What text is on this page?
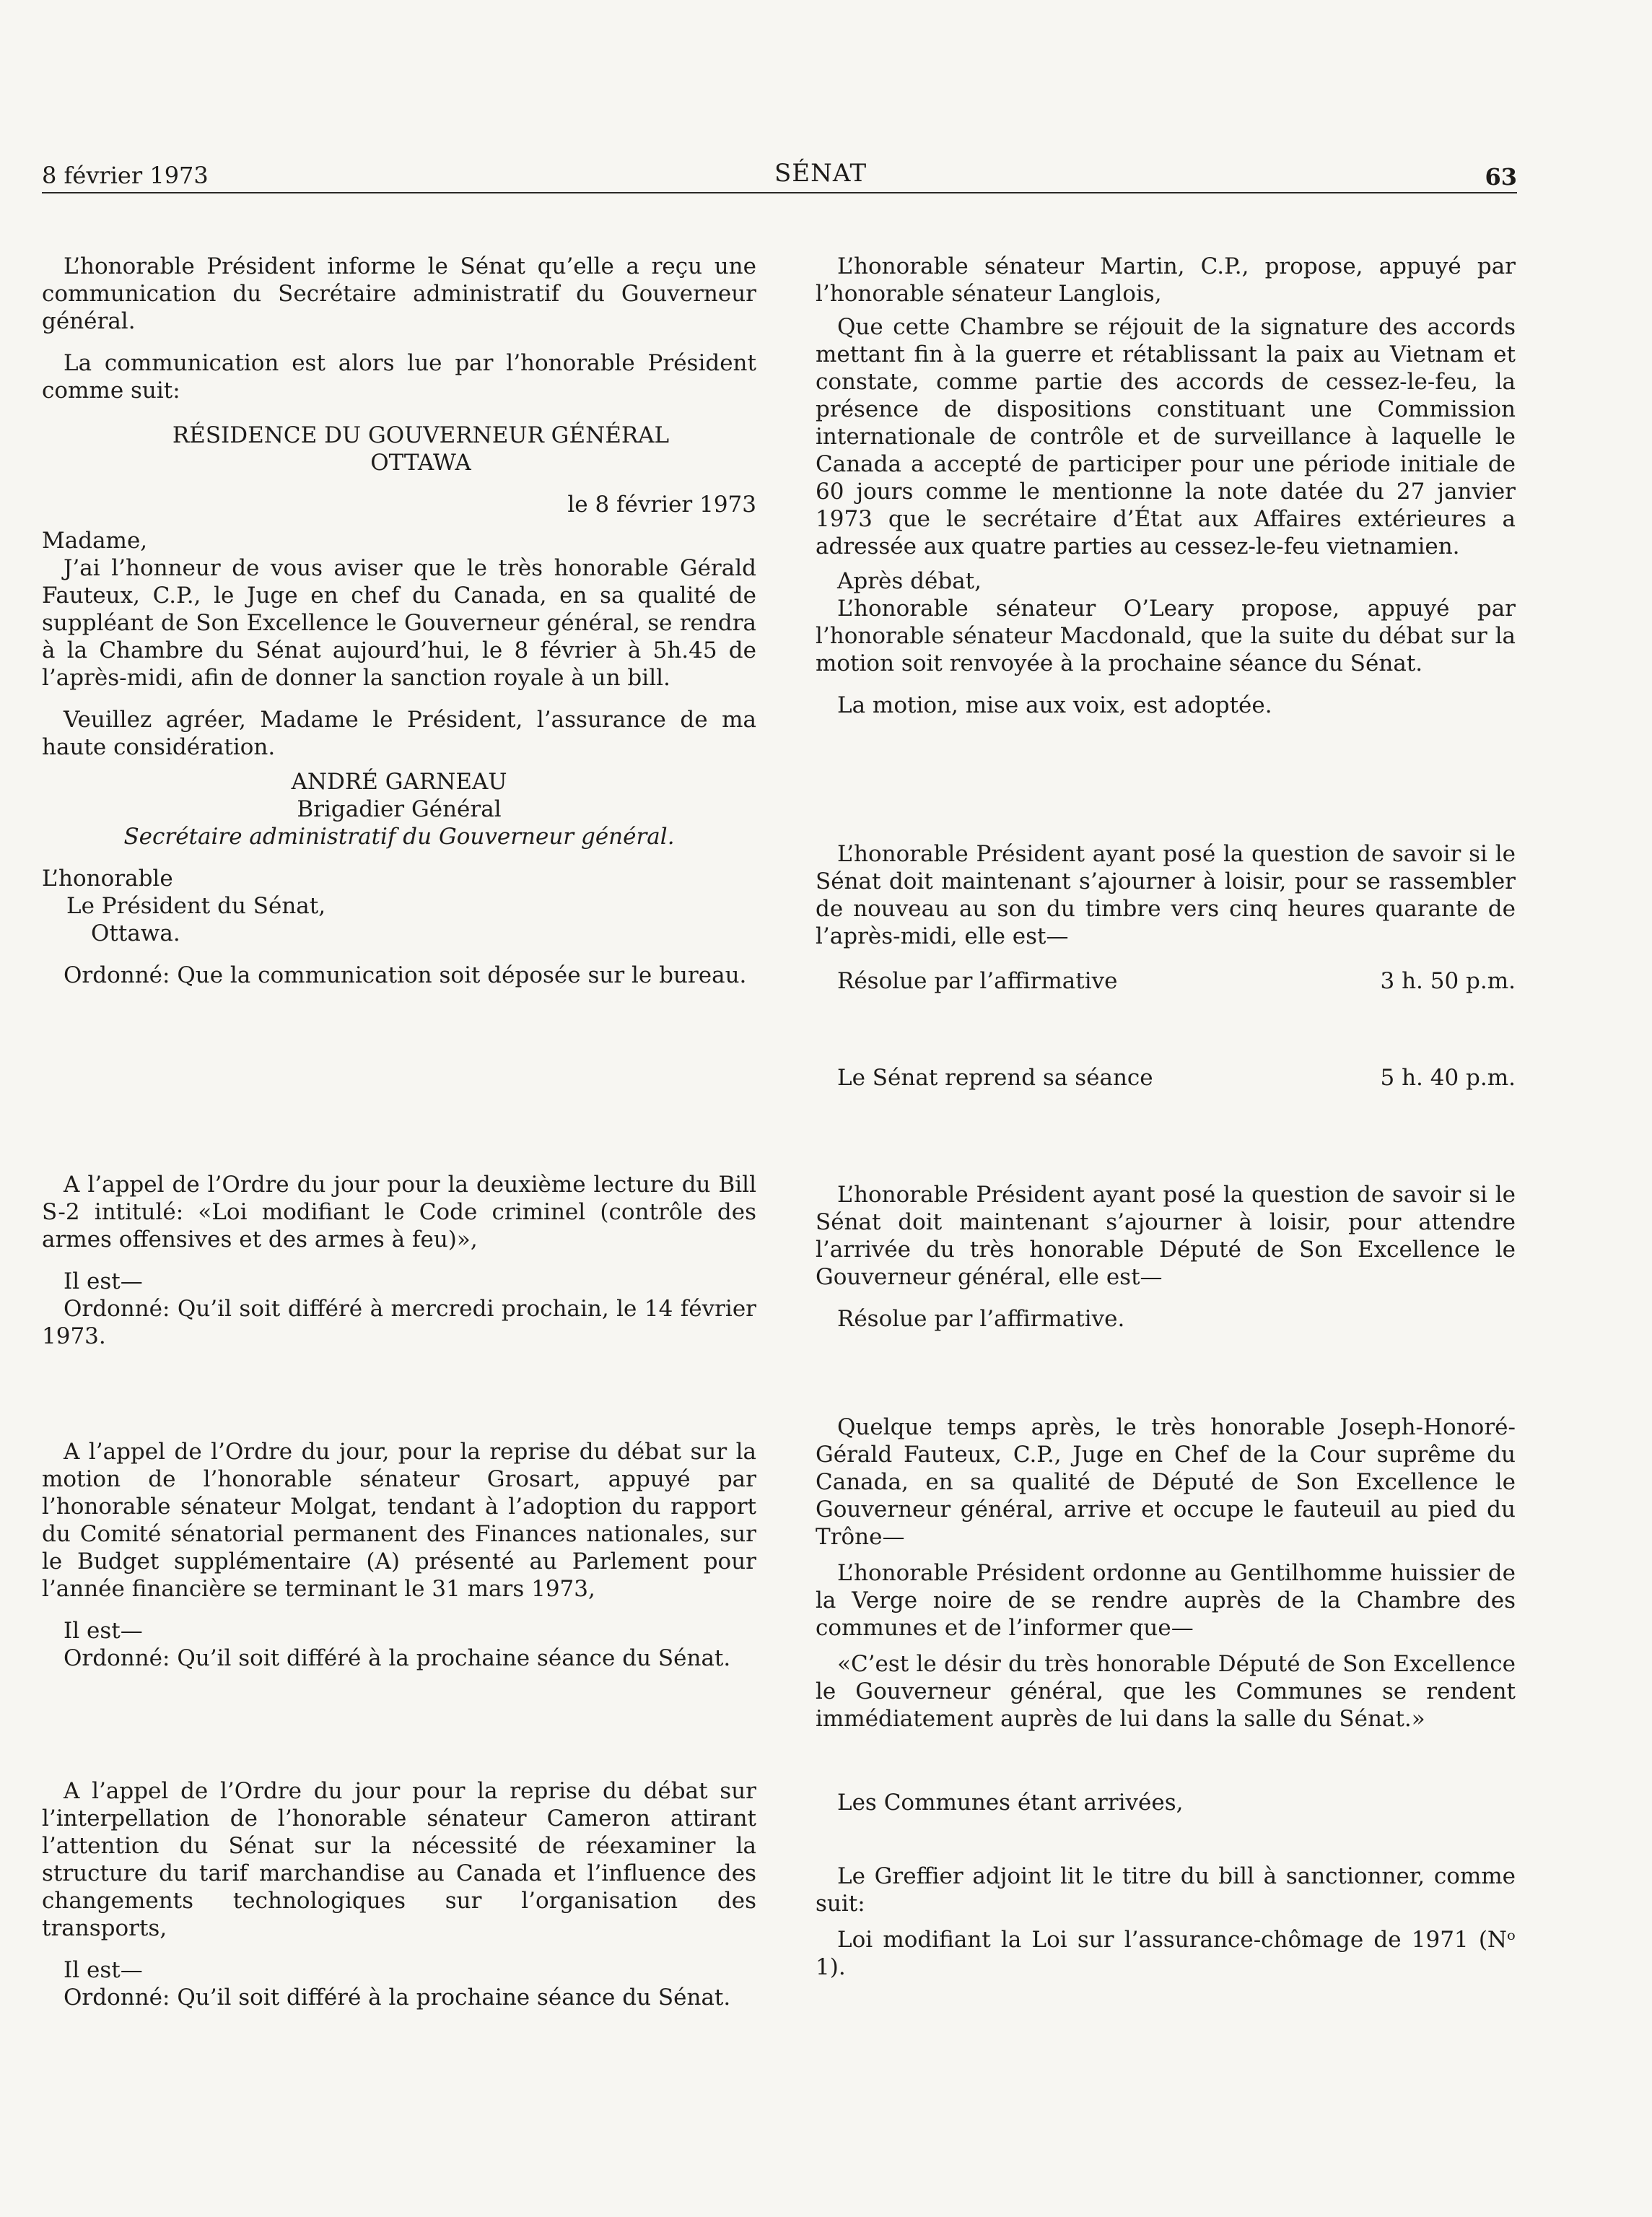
8 février 1973	SÉNAT	63

L’honorable Président informe le Sénat qu’elle a reçu une communication du Secrétaire administratif du Gouverneur général.

La communication est alors lue par l’honorable Président comme suit:

RÉSIDENCE DU GOUVERNEUR GÉNÉRAL

OTTAWA

le 8 février 1973

Madame,

J’ai l’honneur de vous aviser que le très honorable Gérald Fauteux, C.P., le Juge en chef du Canada, en sa qualité de suppléant de Son Excellence le Gouverneur général, se rendra à la Chambre du Sénat aujourd’hui, le 8 février à 5h.45 de l’après-midi, afin de donner la sanction royale à un bill.

Veuillez agréer, Madame le Président, l’assurance de ma haute considération.

ANDRÉ GARNEAU

Brigadier Général

Secrétaire administratif du Gouverneur général.

L’honorable

Le Président du Sénat,

Ottawa.

Ordonné: Que la communication soit déposée sur le bureau.

A l’appel de l’Ordre du jour pour la deuxième lecture du Bill S-2 intitulé: «Loi modifiant le Code criminel (contrôle des armes offensives et des armes à feu)»,

Il est—

Ordonné: Qu’il soit différé à mercredi prochain, le 14 février 1973.

A l’appel de l’Ordre du jour, pour la reprise du débat sur la motion de l’honorable sénateur Grosart, appuyé par l’honorable sénateur Molgat, tendant à l’adoption du rapport du Comité sénatorial permanent des Finances nationales, sur le Budget supplémentaire (A) présenté au Parlement pour l’année financière se terminant le 31 mars 1973,

Il est—

Ordonné: Qu’il soit différé à la prochaine séance du Sénat.

A l’appel de l’Ordre du jour pour la reprise du débat sur l’interpellation de l’honorable sénateur Cameron attirant l’attention du Sénat sur la nécessité de réexaminer la structure du tarif marchandise au Canada et l’influence des changements technologiques sur l’organisation des transports,

Il est—

Ordonné: Qu’il soit différé à la prochaine séance du Sénat.

L’honorable sénateur Martin, C.P., propose, appuyé par l’honorable sénateur Langlois,

Que cette Chambre se réjouit de la signature des accords mettant fin à la guerre et rétablissant la paix au Vietnam et constate, comme partie des accords de cessez-le-feu, la présence de dispositions constituant une Commission internationale de contrôle et de surveillance à laquelle le Canada a accepté de participer pour une période initiale de 60 jours comme le mentionne la note datée du 27 janvier 1973 que le secrétaire d’État aux Affaires extérieures a adressée aux quatre parties au cessez-le-feu vietnamien.

Après débat,

L’honorable sénateur O’Leary propose, appuyé par l’honorable sénateur Macdonald, que la suite du débat sur la motion soit renvoyée à la prochaine séance du Sénat.

La motion, mise aux voix, est adoptée.

L’honorable Président ayant posé la question de savoir si le Sénat doit maintenant s’ajourner à loisir, pour se rassembler de nouveau au son du timbre vers cinq heures quarante de l’après-midi, elle est—

Résolue par l’affirmative	3 h. 50 p.m.
Le Sénat reprend sa séance	5 h. 40 p.m.

L’honorable Président ayant posé la question de savoir si le Sénat doit maintenant s’ajourner à loisir, pour attendre l’arrivée du très honorable Député de Son Excellence le Gouverneur général, elle est—

Résolue par l’affirmative.

Quelque temps après, le très honorable Joseph-Honoré-Gérald Fauteux, C.P., Juge en Chef de la Cour suprême du Canada, en sa qualité de Député de Son Excellence le Gouverneur général, arrive et occupe le fauteuil au pied du Trône—

L’honorable Président ordonne au Gentilhomme huissier de la Verge noire de se rendre auprès de la Chambre des communes et de l’informer que—

«C’est le désir du très honorable Député de Son Excellence le Gouverneur général, que les Communes se rendent immédiatement auprès de lui dans la salle du Sénat.»

Les Communes étant arrivées,

Le Greffier adjoint lit le titre du bill à sanctionner, comme suit:

Loi modifiant la Loi sur l’assurance-chômage de 1971 (Nᵒ 1).
